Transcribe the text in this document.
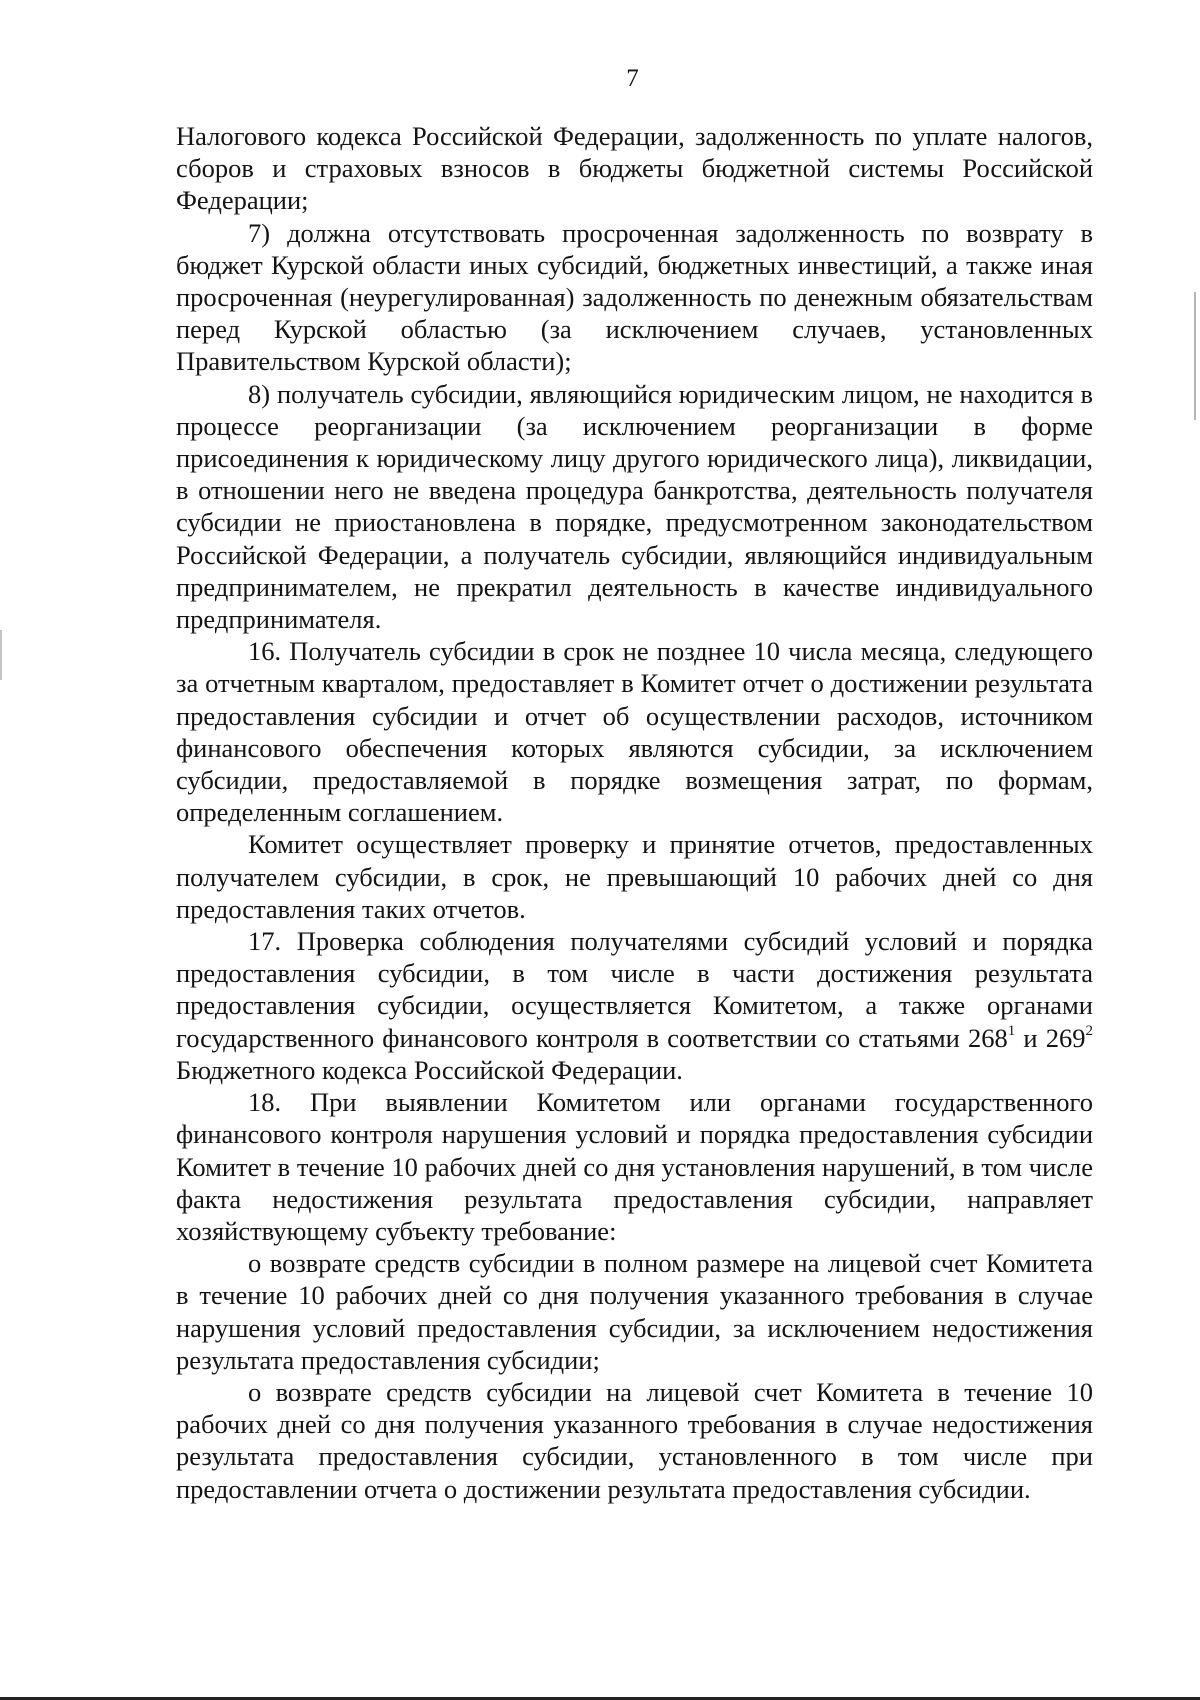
7

Налогового кодекса Российской Федерации, задолженность по уплате налогов, сборов и страховых взносов в бюджеты бюджетной системы Российской Федерации;

7) должна отсутствовать просроченная задолженность по возврату в бюджет Курской области иных субсидий, бюджетных инвестиций, а также иная просроченная (неурегулированная) задолженность по денежным обязательствам перед Курской областью (за исключением случаев, установленных Правительством Курской области);

8) получатель субсидии, являющийся юридическим лицом, не находится в процессе реорганизации (за исключением реорганизации в форме присоединения к юридическому лицу другого юридического лица), ликвидации, в отношении него не введена процедура банкротства, деятельность получателя субсидии не приостановлена в порядке, предусмотренном законодательством Российской Федерации, а получатель субсидии, являющийся индивидуальным предпринимателем, не прекратил деятельность в качестве индивидуального предпринимателя.

16. Получатель субсидии в срок не позднее 10 числа месяца, следующего за отчетным кварталом, предоставляет в Комитет отчет о достижении результата предоставления субсидии и отчет об осуществлении расходов, источником финансового обеспечения которых являются субсидии, за исключением субсидии, предоставляемой в порядке возмещения затрат, по формам, определенным соглашением.

Комитет осуществляет проверку и принятие отчетов, предоставленных получателем субсидии, в срок, не превышающий 10 рабочих дней со дня предоставления таких отчетов.

17. Проверка соблюдения получателями субсидий условий и порядка предоставления субсидии, в том числе в части достижения результата предоставления субсидии, осуществляется Комитетом, а также органами государственного финансового контроля в соответствии со статьями $268^1$ и $269^2$ Бюджетного кодекса Российской Федерации.

18. При выявлении Комитетом или органами государственного финансового контроля нарушения условий и порядка предоставления субсидии Комитет в течение 10 рабочих дней со дня установления нарушений, в том числе факта недостижения результата предоставления субсидии, направляет хозяйствующему субъекту требование:

о возврате средств субсидии в полном размере на лицевой счет Комитета в течение 10 рабочих дней со дня получения указанного требования в случае нарушения условий предоставления субсидии, за исключением недостижения результата предоставления субсидии;

о возврате средств субсидии на лицевой счет Комитета в течение 10 рабочих дней со дня получения указанного требования в случае недостижения результата предоставления субсидии, установленного в том числе при предоставлении отчета о достижении результата предоставления субсидии.
